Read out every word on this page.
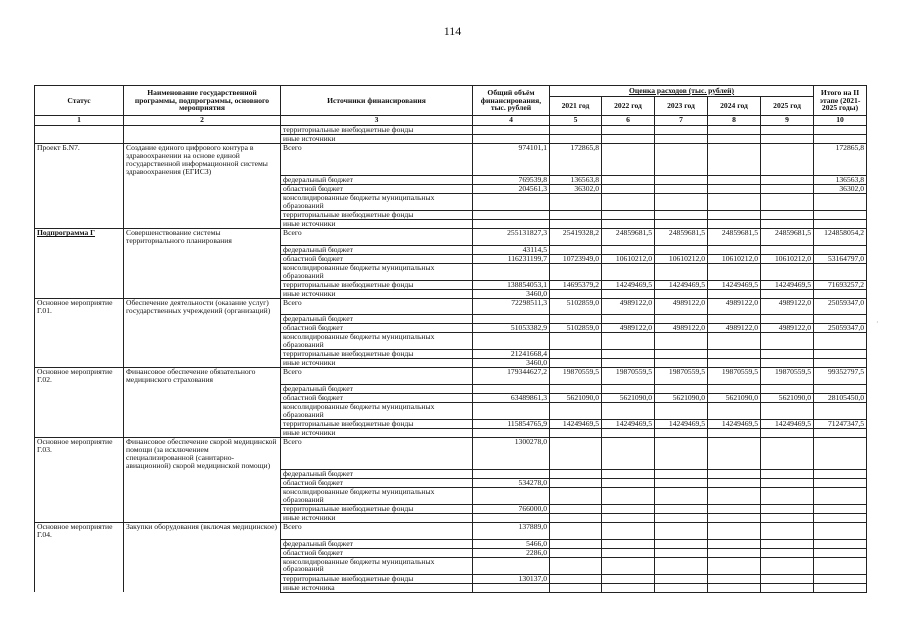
114
Статус	Наименование государственной программы, подпрограммы, основного мероприятия	Источники финансирования	Общий объём финансирования, тыс. рублей	Оценка расходов (тыс. рублей)					Итого на II этапе (2021-2025 годы)
				2021 год	2022 год	2023 год	2024 год	2025 год	
1	2	3	4	5	6	7	8	9	10
		территориальные внебюджетные фонды							
		иные источники							
Проект Б.N7.	Создание единого цифрового контура в здравоохранении на основе единой государственной информационной системы здравоохранения (ЕГИСЗ)	Всего	974101,1	172865,8					172865,8
		федеральный бюджет	769539,8	136563,8					136563,8
		областной бюджет	204561,3	36302,0					36302,0
		консолидированные бюджеты муниципальных образований							
		территориальные внебюджетные фонды							
		иные источники							
Подпрограмма Г	Совершенствование системы территориального планирования	Всего	255131827,3	25419328,2	24859681,5	24859681,5	24859681,5	24859681,5	124858054,2
		федеральный бюджет	43114,5						
		областной бюджет	116231199,7	10723949,0	10610212,0	10610212,0	10610212,0	10610212,0	53164797,0
		консолидированные бюджеты муниципальных образований							
		территориальные внебюджетные фонды	138854053,1	14695379,2	14249469,5	14249469,5	14249469,5	14249469,5	71693257,2
		иные источники	3460,0						
Основное мероприятие Г.01.	Обеспечение деятельности (оказание услуг) государственных учреждений (организаций)	Всего	72298511,3	5102859,0	4989122,0	4989122,0	4989122,0	4989122,0	25059347,0
		федеральный бюджет							
		областной бюджет	51053382,9	5102859,0	4989122,0	4989122,0	4989122,0	4989122,0	25059347,0
		консолидированные бюджеты муниципальных образований							
		территориальные внебюджетные фонды	21241668,4						
		иные источники	3460,0						
Основное мероприятие Г.02.	Финансовое обеспечение обязательного медицинского страхования	Всего	179344627,2	19870559,5	19870559,5	19870559,5	19870559,5	19870559,5	99352797,5
		федеральный бюджет							
		областной бюджет	63489861,3	5621090,0	5621090,0	5621090,0	5621090,0	5621090,0	28105450,0
		консолидированные бюджеты муниципальных образований							
		территориальные внебюджетные фонды	115854765,9	14249469,5	14249469,5	14249469,5	14249469,5	14249469,5	71247347,5
		иные источники							
Основное мероприятие Г.03.	Финансовое обеспечение скорой медицинской помощи (за исключением специализированной (санитарно-авиационной) скорой медицинской помощи)	Всего	1300278,0						
		федеральный бюджет							
		областной бюджет	534278,0						
		консолидированные бюджеты муниципальных образований							
		территориальные внебюджетные фонды	766000,0						
		иные источники							
Основное мероприятие Г.04.	Закупки оборудования (включая медицинское)	Всего	137889,0						
		федеральный бюджет	5466,0						
		областной бюджет	2286,0						
		консолидированные бюджеты муниципальных образований							
		территориальные внебюджетные фонды	130137,0						
		иные источника							
·
